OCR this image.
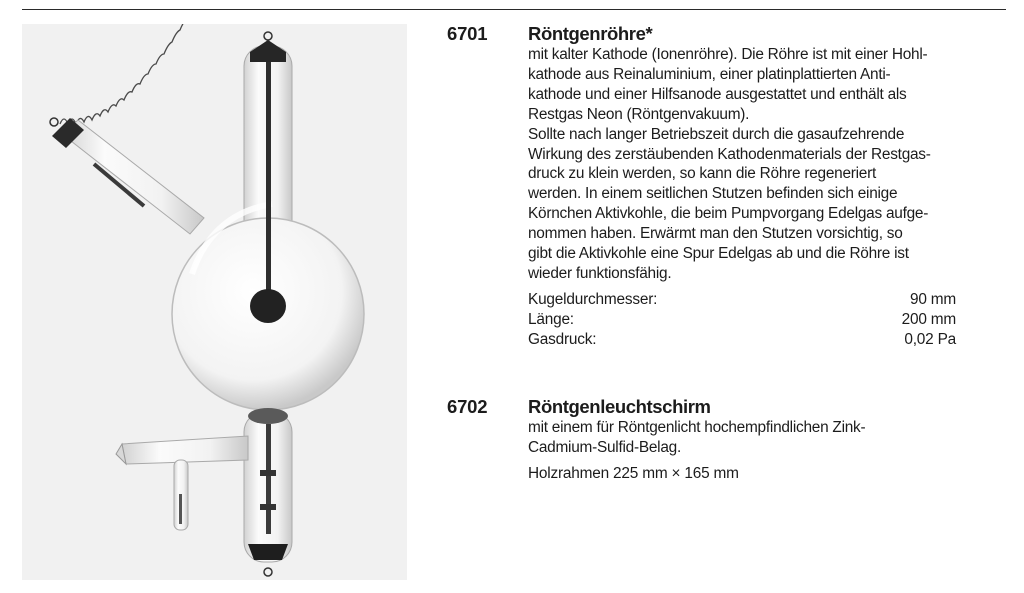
6701 Röntgenröhre*

mit kalter Kathode (Ionenröhre). Die Röhre ist mit einer Hohl-
kathode aus Reinaluminium, einer platinplattierten Anti-
kathode und einer Hilfsanode ausgestattet und enthält als
Restgas Neon (Röntgenvakuum).
Sollte nach langer Betriebszeit durch die gasaufzehrende
Wirkung des zerstäubenden Kathodenmaterials der Restgas-
druck zu klein werden, so kann die Röhre regeneriert
werden. In einem seitlichen Stutzen befinden sich einige
Körnchen Aktivkohle, die beim Pumpvorgang Edelgas aufge-
nommen haben. Erwärmt man den Stutzen vorsichtig, so
gibt die Aktivkohle eine Spur Edelgas ab und die Röhre ist
wieder funktionsfähig.

Kugeldurchmesser:	90 mm
Länge:	200 mm
Gasdruck:	0,02 Pa
6702 Röntgenleuchtschirm

mit einem für Röntgenlicht hochempfindlichen Zink-
Cadmium-Sulfid-Belag.

Holzrahmen 225 mm × 165 mm
